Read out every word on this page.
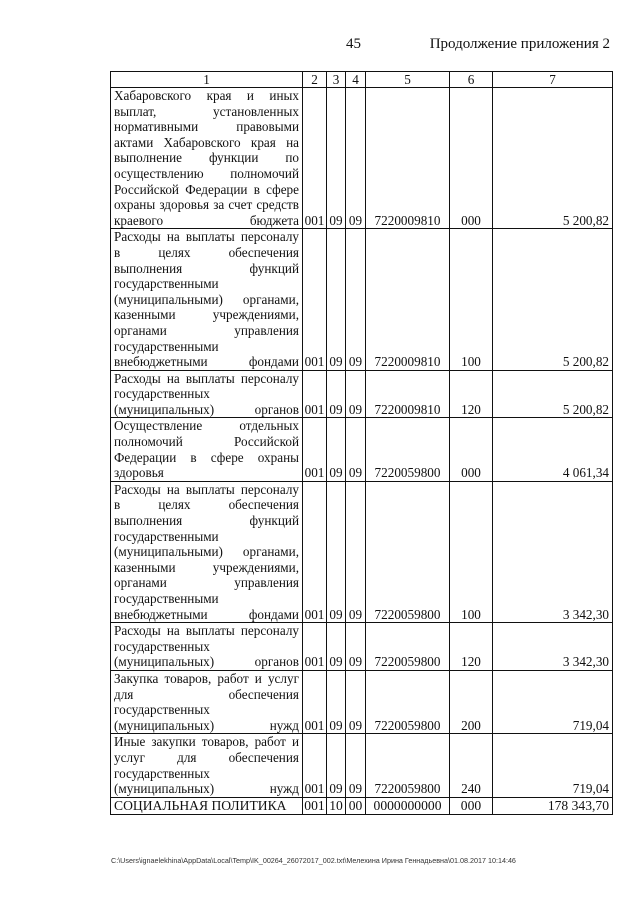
45	Продолжение приложения 2
1	2	3	4	5	6	7
Хабаровского края и иных выплат, установленных нормативными правовыми актами Хабаровского края на выполнение функции по осуществлению полномочий Российской Федерации в сфере охраны здоровья за счет средств краевого бюджета	001	09	09	7220009810	000	5 200,82
Расходы на выплаты персоналу в целях обеспечения выполнения функций государственными (муниципальными) органами, казенными учреждениями, органами управления государственными внебюджетными фондами	001	09	09	7220009810	100	5 200,82
Расходы на выплаты персоналу государственных (муниципальных) органов	001	09	09	7220009810	120	5 200,82
Осуществление отдельных полномочий Российской Федерации в сфере охраны здоровья	001	09	09	7220059800	000	4 061,34
Расходы на выплаты персоналу в целях обеспечения выполнения функций государственными (муниципальными) органами, казенными учреждениями, органами управления государственными внебюджетными фондами	001	09	09	7220059800	100	3 342,30
Расходы на выплаты персоналу государственных (муниципальных) органов	001	09	09	7220059800	120	3 342,30
Закупка товаров, работ и услуг для обеспечения государственных (муниципальных) нужд	001	09	09	7220059800	200	719,04
Иные закупки товаров, работ и услуг для обеспечения государственных (муниципальных) нужд	001	09	09	7220059800	240	719,04
СОЦИАЛЬНАЯ ПОЛИТИКА	001	10	00	0000000000	000	178 343,70
C:\Users\ignaelekhina\AppData\Local\Temp\IK_00264_26072017_002.txt\Мелехина Ирина Геннадьевна\01.08.2017 10:14:46
